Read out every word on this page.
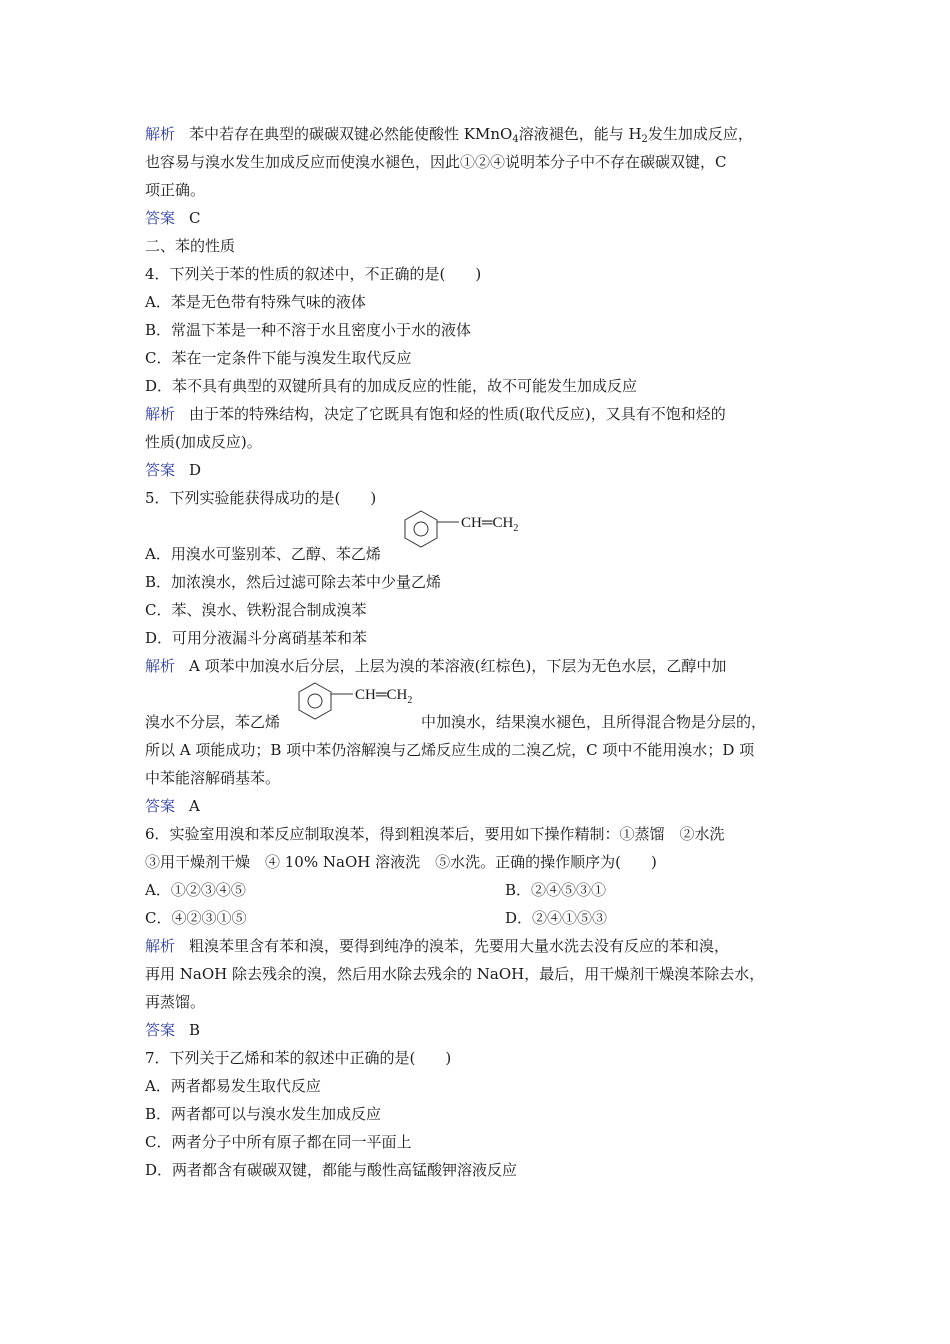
解析 苯中若存在典型的碳碳双键必然能使酸性 KMnO$_4$溶液褪色，能与 $H_2$发生加成反应，
也容易与溴水发生加成反应而使溴水褪色，因此①②④说明苯分子中不存在碳碳双键，C
项正确。
答案 C
二、苯的性质
4．下列关于苯的性质的叙述中，不正确的是(　　)
A．苯是无色带有特殊气味的液体
B．常温下苯是一种不溶于水且密度小于水的液体
C．苯在一定条件下能与溴发生取代反应
D．苯不具有典型的双键所具有的加成反应的性能，故不可能发生加成反应
解析 由于苯的特殊结构，决定了它既具有饱和烃的性质(取代反应)，又具有不饱和烃的
性质(加成反应)。
答案 D
5．下列实验能获得成功的是(　　)
$CH═CH_2$
A．用溴水可鉴别苯、乙醇、苯乙烯
B．加浓溴水，然后过滤可除去苯中少量乙烯
C．苯、溴水、铁粉混合制成溴苯
D．可用分液漏斗分离硝基苯和苯
解析 A 项苯中加溴水后分层，上层为溴的苯溶液(红棕色)，下层为无色水层，乙醇中加
$CH═CH_2$
溴水不分层，苯乙烯	中加溴水，结果溴水褪色，且所得混合物是分层的，
所以 A 项能成功；B 项中苯仍溶解溴与乙烯反应生成的二溴乙烷，C 项中不能用溴水；D 项
中苯能溶解硝基苯。
答案 A
6．实验室用溴和苯反应制取溴苯，得到粗溴苯后，要用如下操作精制：①蒸馏　②水洗
③用干燥剂干燥　④ 10% NaOH 溶液洗　⑤水洗。正确的操作顺序为(　　)
A．①②③④⑤	B．②④⑤③①
C．④②③①⑤	D．②④①⑤③
解析 粗溴苯里含有苯和溴，要得到纯净的溴苯，先要用大量水洗去没有反应的苯和溴，
再用 NaOH 除去残余的溴，然后用水除去残余的 NaOH，最后，用干燥剂干燥溴苯除去水，
再蒸馏。
答案 B
7．下列关于乙烯和苯的叙述中正确的是(　　)
A．两者都易发生取代反应
B．两者都可以与溴水发生加成反应
C．两者分子中所有原子都在同一平面上
D．两者都含有碳碳双键，都能与酸性高锰酸钾溶液反应
